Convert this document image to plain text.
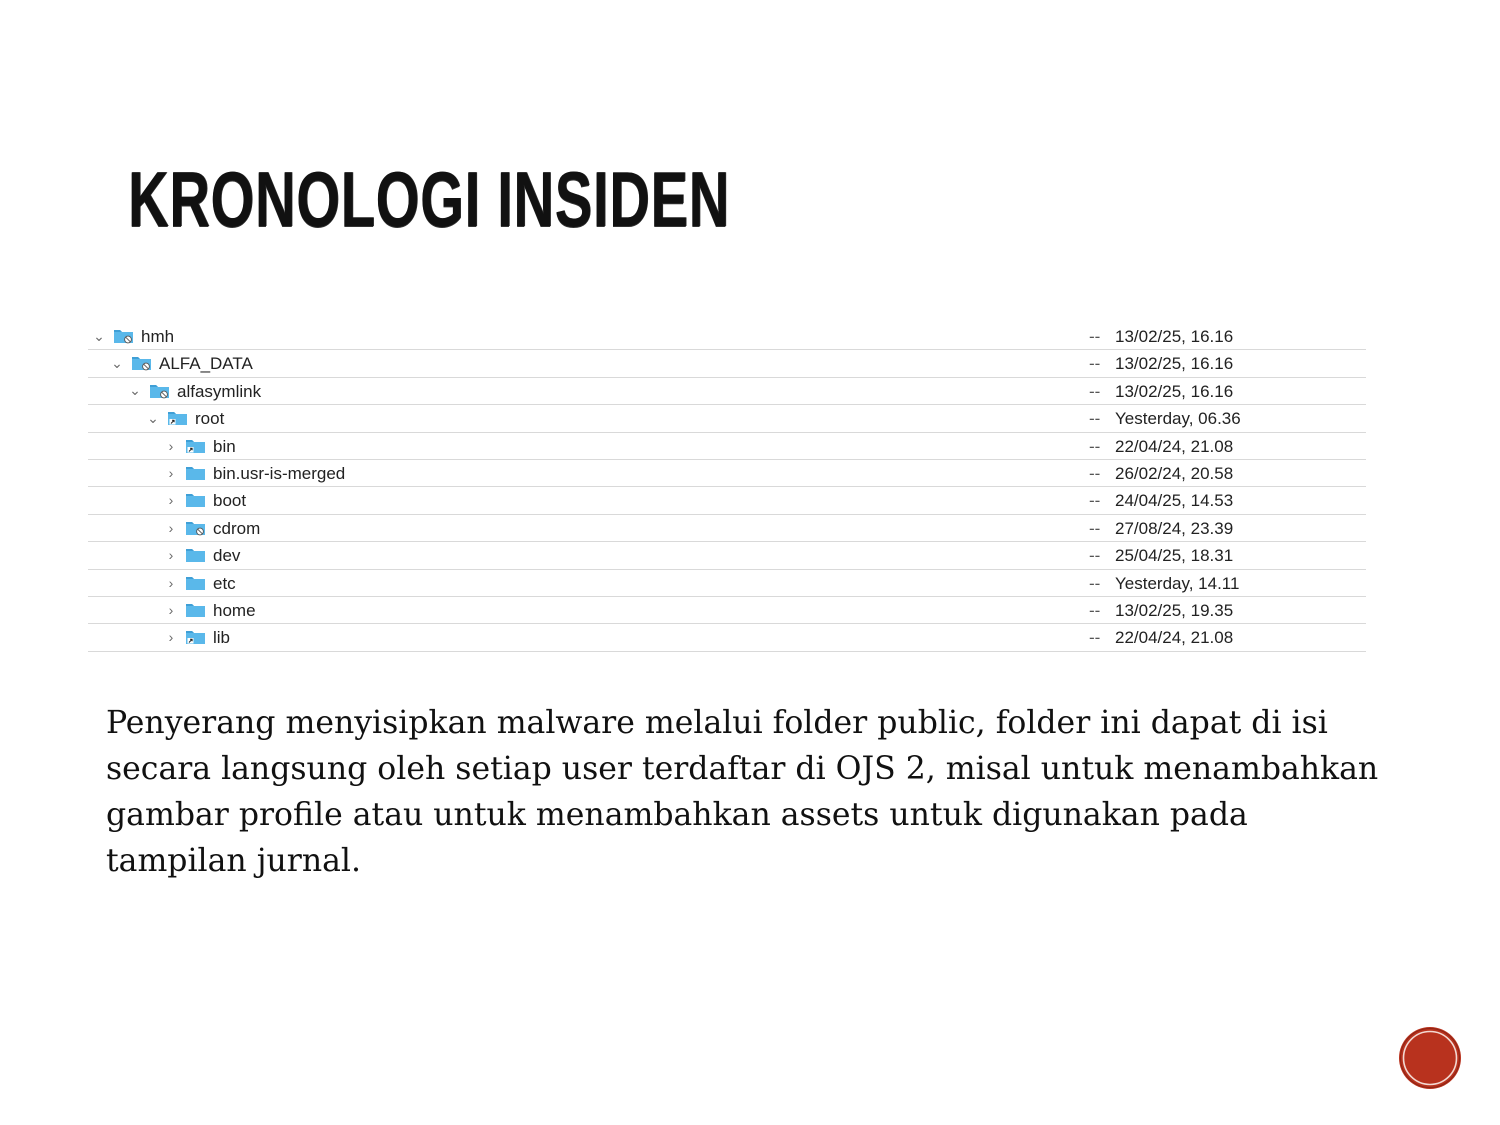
KRONOLOGI INSIDEN
⌄ hmh	-- 13/02/25, 16.16
⌄ ALFA_DATA	-- 13/02/25, 16.16
⌄ alfasymlink	-- 13/02/25, 16.16
⌄ root	-- Yesterday, 06.36
› bin	-- 22/04/24, 21.08
› bin.usr-is-merged	-- 26/02/24, 20.58
› boot	-- 24/04/25, 14.53
› cdrom	-- 27/08/24, 23.39
› dev	-- 25/04/25, 18.31
› etc	-- Yesterday, 14.11
› home	-- 13/02/25, 19.35
› lib	-- 22/04/24, 21.08

Penyerang menyisipkan malware melalui folder public, folder ini dapat di isi secara langsung oleh setiap user terdaftar di OJS 2, misal untuk menambahkan gambar profile atau untuk menambahkan assets untuk digunakan pada tampilan jurnal.
